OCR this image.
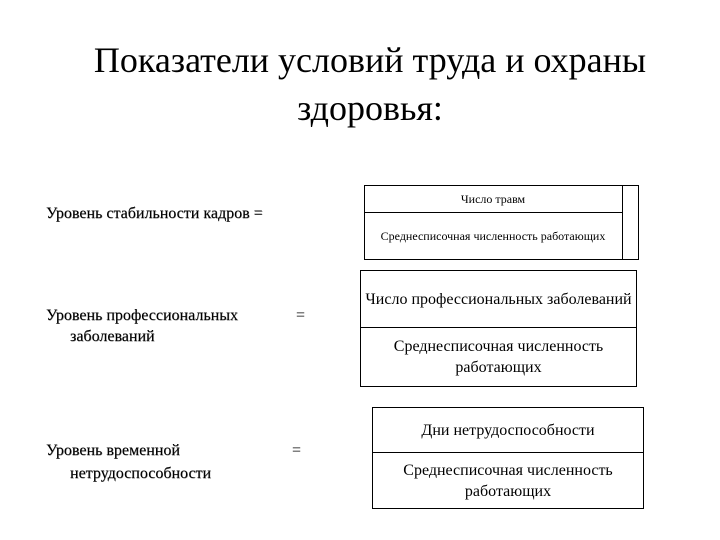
Показатели условий труда и охраны здоровья:
Уровень стабильности кадров =
Число травм
Среднесписочная численность работающих
Уровень профессиональных
заболеваний
=
Число профессиональных заболеваний
Среднесписочная численность работающих
Уровень временной
нетрудоспособности
=
Дни нетрудоспособности
Среднесписочная численность работающих
